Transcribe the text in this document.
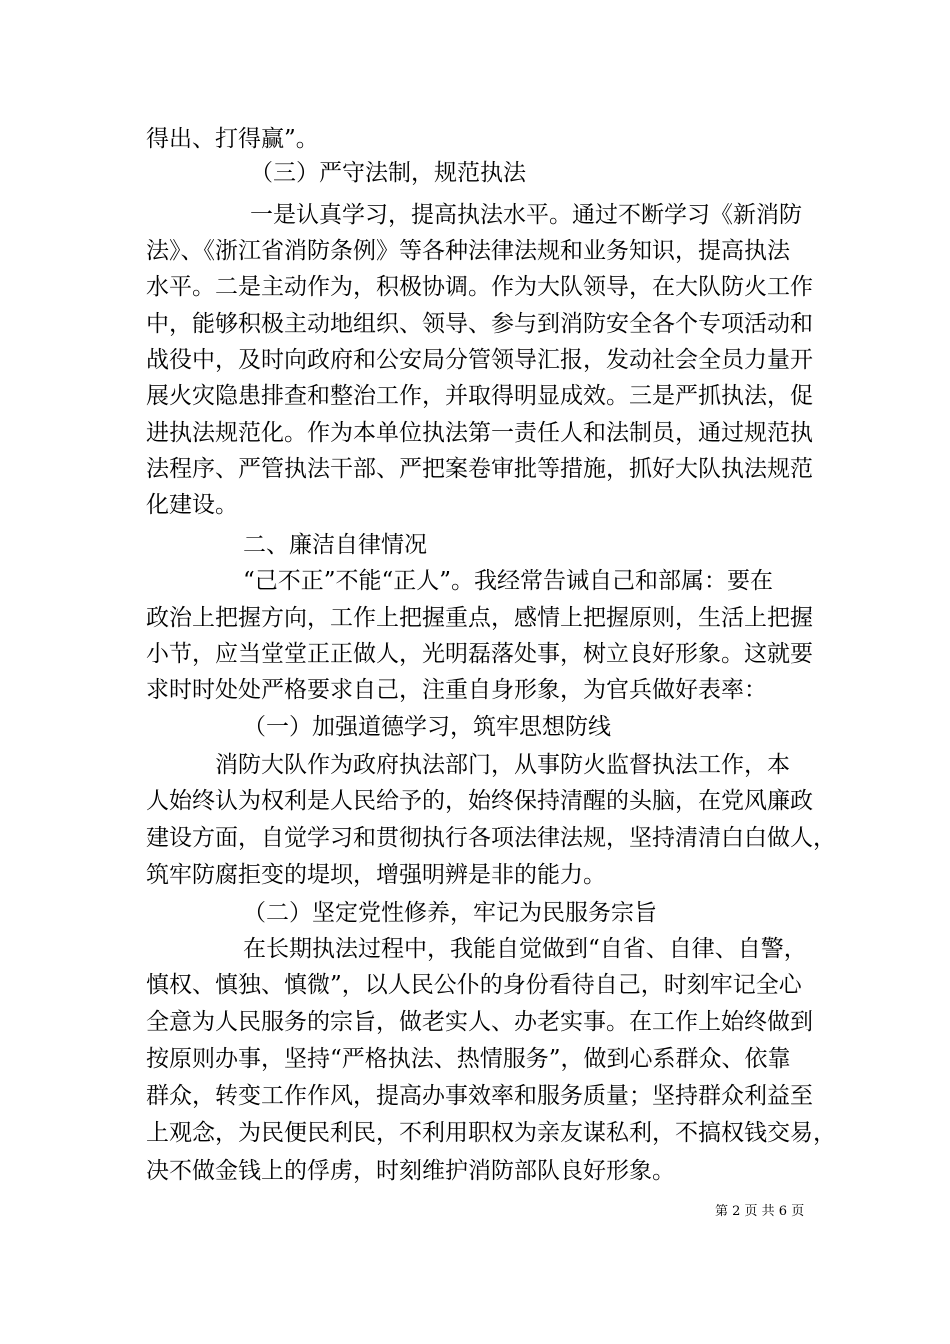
得出、打得赢”。

（三）严守法制，规范执法

一是认真学习，提高执法水平。通过不断学习《新消防

法》、《浙江省消防条例》等各种法律法规和业务知识，提高执法

水平。二是主动作为，积极协调。作为大队领导，在大队防火工作

中，能够积极主动地组织、领导、参与到消防安全各个专项活动和

战役中，及时向政府和公安局分管领导汇报，发动社会全员力量开

展火灾隐患排查和整治工作，并取得明显成效。三是严抓执法，促

进执法规范化。作为本单位执法第一责任人和法制员，通过规范执

法程序、严管执法干部、严把案卷审批等措施，抓好大队执法规范

化建设。

二、廉洁自律情况

“己不正”不能“正人”。我经常告诫自己和部属：要在

政治上把握方向，工作上把握重点，感情上把握原则，生活上把握

小节，应当堂堂正正做人，光明磊落处事，树立良好形象。这就要

求时时处处严格要求自己，注重自身形象，为官兵做好表率：

（一）加强道德学习，筑牢思想防线

消防大队作为政府执法部门，从事防火监督执法工作，本

人始终认为权利是人民给予的，始终保持清醒的头脑，在党风廉政

建设方面，自觉学习和贯彻执行各项法律法规，坚持清清白白做人，

筑牢防腐拒变的堤坝，增强明辨是非的能力。

（二）坚定党性修养，牢记为民服务宗旨

在长期执法过程中，我能自觉做到“自省、自律、自警，

慎权、慎独、慎微”，以人民公仆的身份看待自己，时刻牢记全心

全意为人民服务的宗旨，做老实人、办老实事。在工作上始终做到

按原则办事，坚持“严格执法、热情服务”，做到心系群众、依靠

群众，转变工作作风，提高办事效率和服务质量；坚持群众利益至

上观念，为民便民利民，不利用职权为亲友谋私利，不搞权钱交易，

决不做金钱上的俘虏，时刻维护消防部队良好形象。

第 2 页 共 6 页
